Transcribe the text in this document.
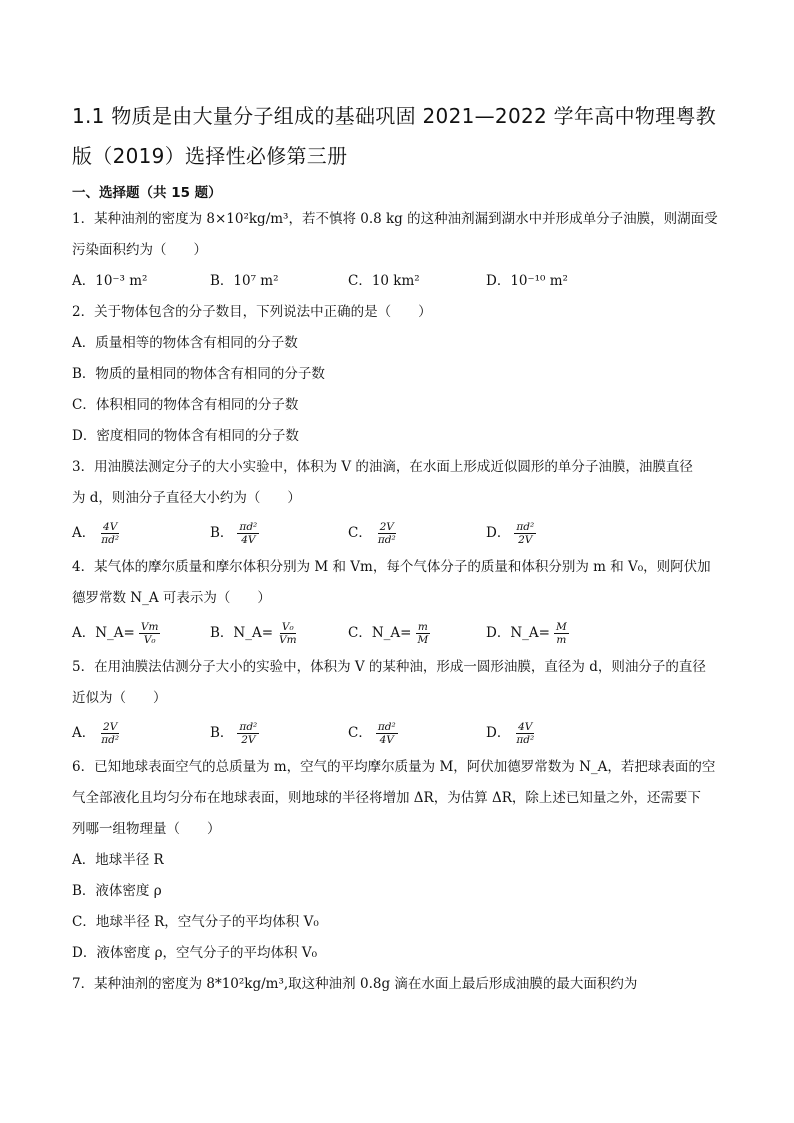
1.1 物质是由大量分子组成的基础巩固 2021—2022 学年高中物理粤教
版（2019）选择性必修第三册
一、选择题（共 15 题）
1．某种油剂的密度为 8×10²kg/m³，若不慎将 0.8 kg 的这种油剂漏到湖水中并形成单分子油膜，则湖面受
污染面积约为（　　）
A．10⁻³ m²	B．10⁷ m²	C．10 km²	D．10⁻¹⁰ m²
2．关于物体包含的分子数目，下列说法中正确的是（　　）
A．质量相等的物体含有相同的分子数
B．物质的量相同的物体含有相同的分子数
C．体积相同的物体含有相同的分子数
D．密度相同的物体含有相同的分子数
3．用油膜法测定分子的大小实验中，体积为 V 的油滴，在水面上形成近似圆形的单分子油膜，油膜直径
为 d，则油分子直径大小约为（　　）
A． $\frac{4V}{\text{πd²}}$	B． $\frac{\text{πd²}}{4V}$	C． $\frac{2V}{\text{πd²}}$	D． $\frac{\text{πd²}}{2V}$
4．某气体的摩尔质量和摩尔体积分别为 M 和 Vm，每个气体分子的质量和体积分别为 m 和 V₀，则阿伏加
德罗常数 N_A 可表示为（　　）
A．N_A= $\frac{Vm}{\text{V₀}}$	B．N_A= $\frac{\text{V₀}}{Vm}$	C．N_A= $\frac{m}{M}$	D．N_A= $\frac{M}{m}$
5．在用油膜法估测分子大小的实验中，体积为 V 的某种油，形成一圆形油膜，直径为 d，则油分子的直径
近似为（　　）
A． $\frac{2V}{\text{πd²}}$	B． $\frac{\text{πd²}}{2V}$	C． $\frac{\text{πd²}}{4V}$	D． $\frac{4V}{\text{πd²}}$
6．已知地球表面空气的总质量为 m，空气的平均摩尔质量为 M，阿伏加德罗常数为 N_A，若把球表面的空
气全部液化且均匀分布在地球表面，则地球的半径将增加 ΔR，为估算 ΔR，除上述已知量之外，还需要下
列哪一组物理量（　　）
A．地球半径 R
B．液体密度 ρ
C．地球半径 R，空气分子的平均体积 V₀
D．液体密度 ρ，空气分子的平均体积 V₀
7．某种油剂的密度为 8*10²kg/m³,取这种油剂 0.8g 滴在水面上最后形成油膜的最大面积约为
